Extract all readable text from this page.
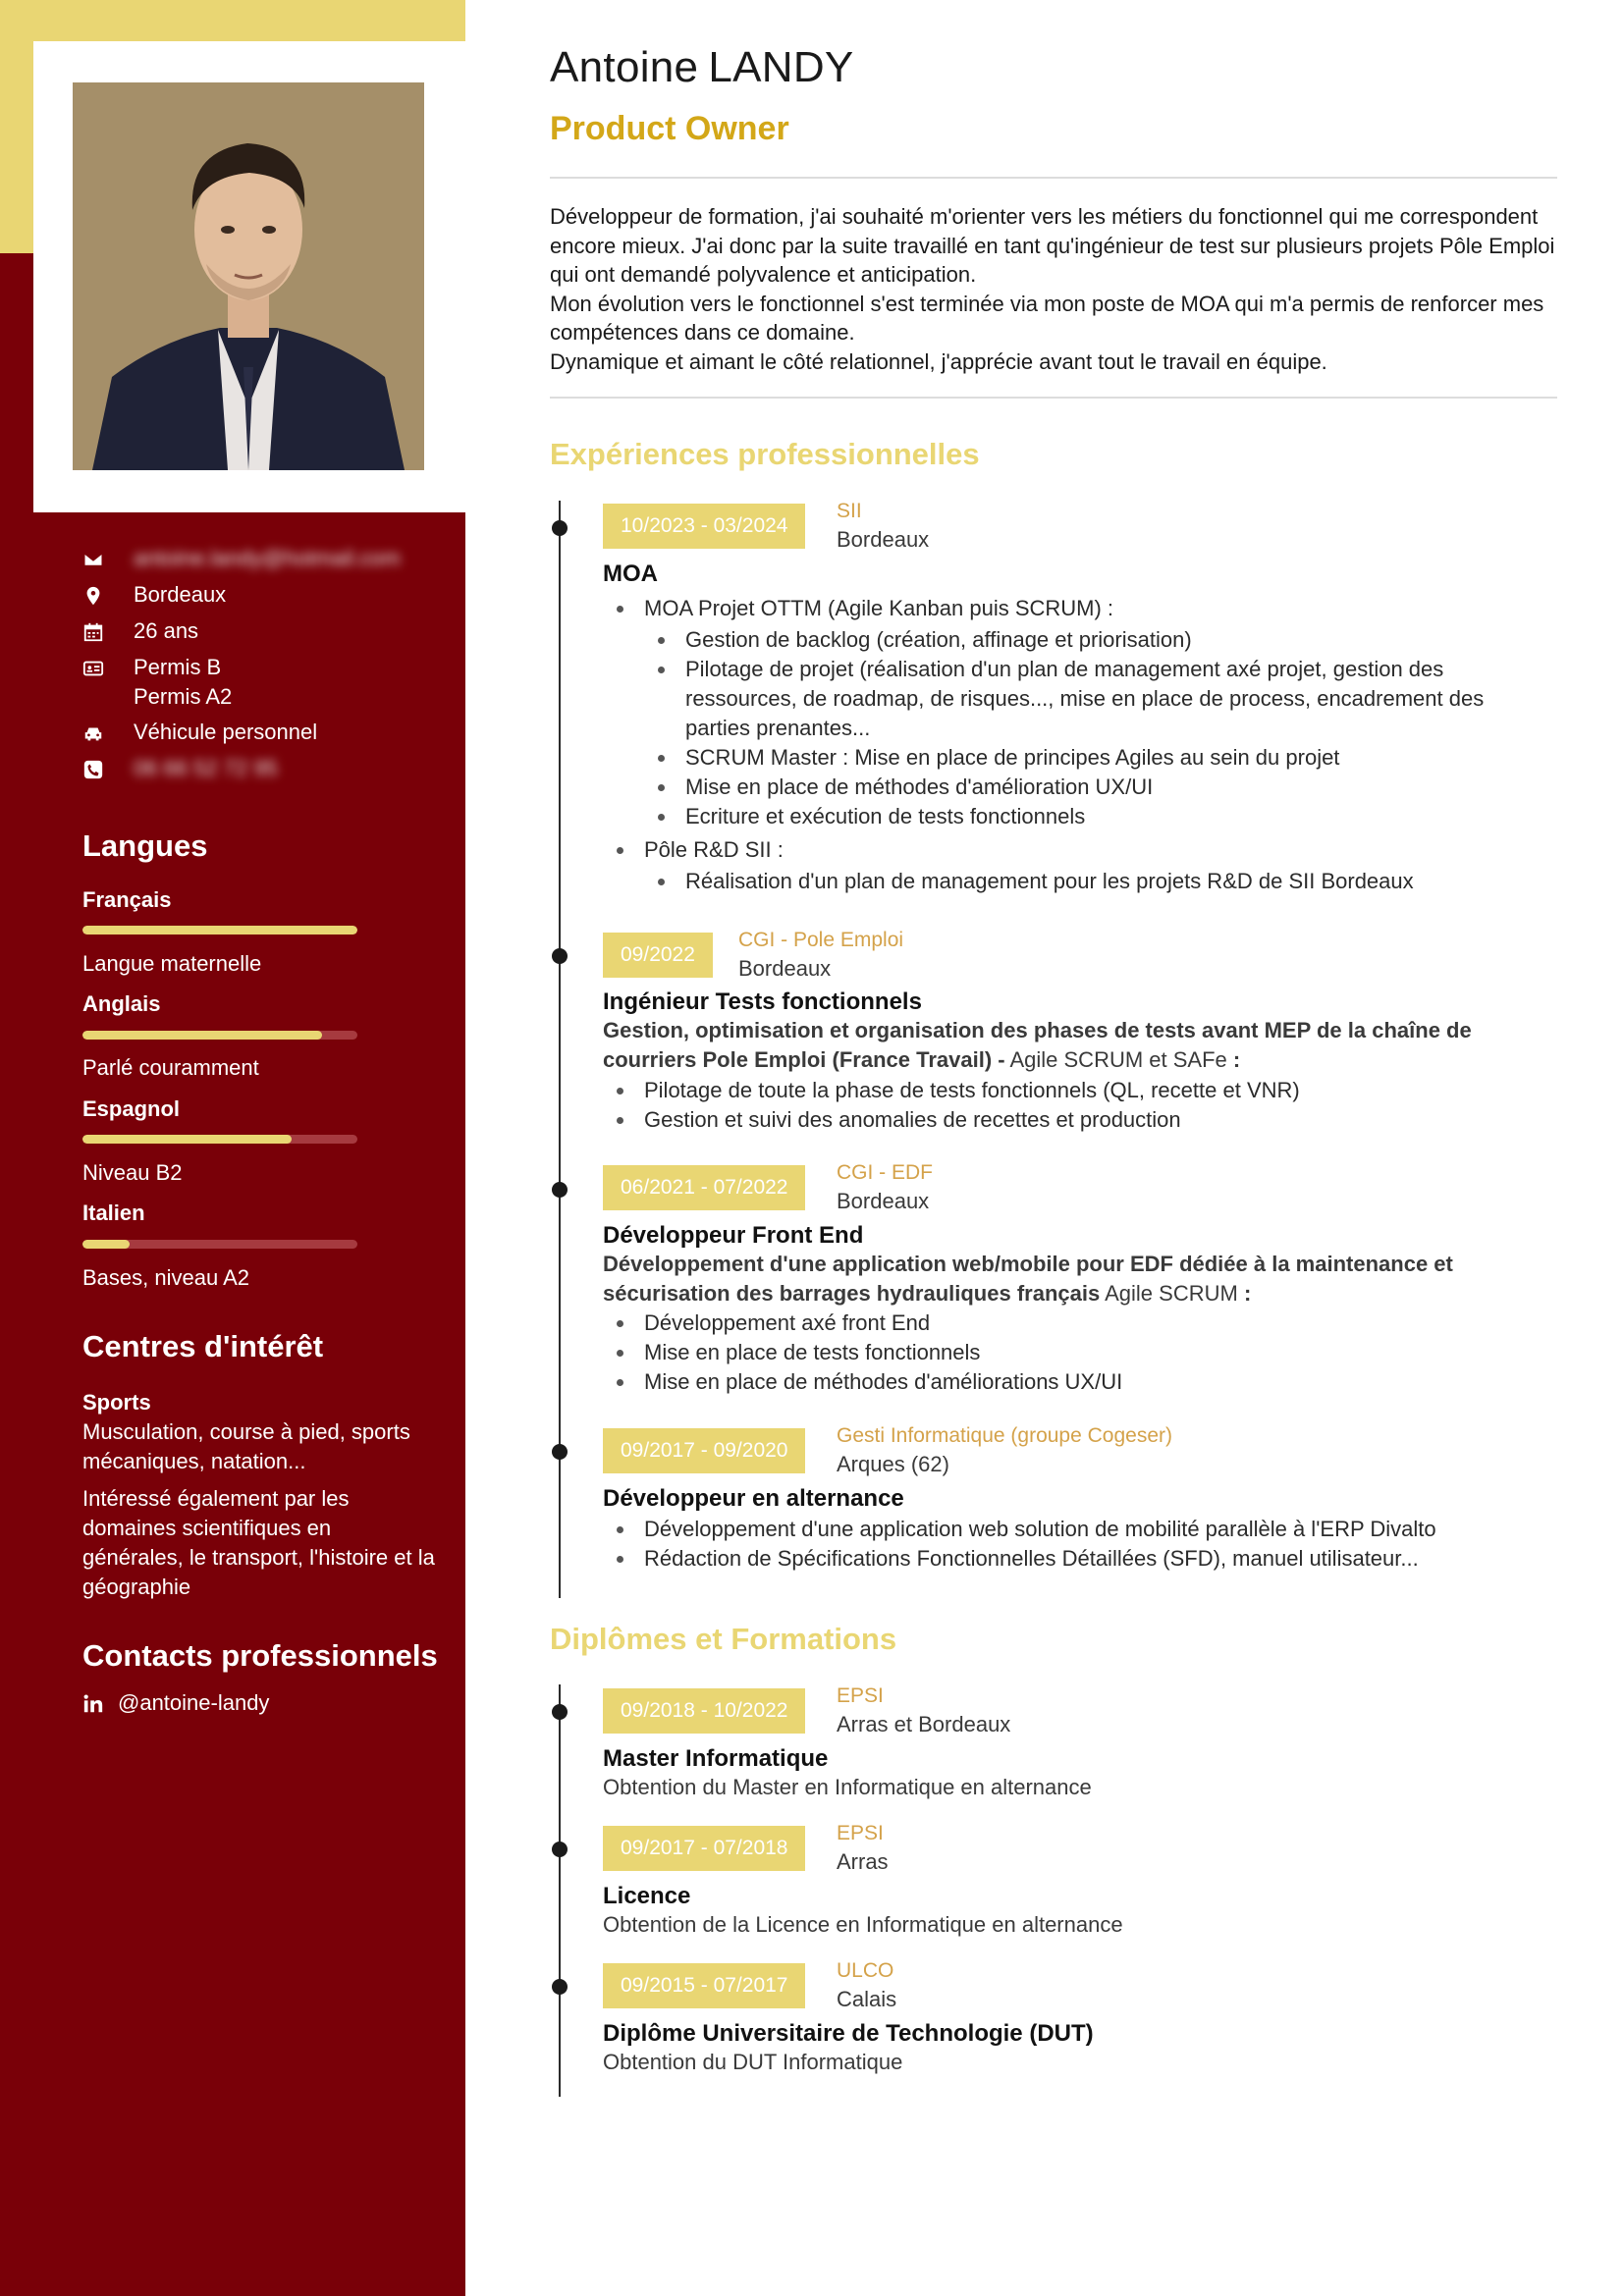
antoine.landy@hotmail.com
Bordeaux
26 ans
Permis B
Permis A2
Véhicule personnel
06 66 52 72 95
Langues
Français
Langue maternelle
Anglais
Parlé couramment
Espagnol
Niveau B2
Italien
Bases, niveau A2
Centres d'intérêt
Sports
Musculation, course à pied, sports mécaniques, natation...
Intéressé également par les domaines scientifiques en générales, le transport, l'histoire et la géographie
Contacts professionnels
@antoine-landy
Antoine LANDY
Product Owner

Développeur de formation, j'ai souhaité m'orienter vers les métiers du fonctionnel qui me correspondent encore mieux. J'ai donc par la suite travaillé en tant qu'ingénieur de test sur plusieurs projets Pôle Emploi qui ont demandé polyvalence et anticipation.

Mon évolution vers le fonctionnel s'est terminée via mon poste de MOA qui m'a permis de renforcer mes compétences dans ce domaine.

Dynamique et aimant le côté relationnel, j'apprécie avant tout le travail en équipe.

Expériences professionnelles
10/2023 - 03/2024
SII
Bordeaux
MOA
MOA Projet OTTM (Agile Kanban puis SCRUM) :
Gestion de backlog (création, affinage et priorisation)
Pilotage de projet (réalisation d'un plan de management axé projet, gestion des ressources, de roadmap, de risques..., mise en place de process, encadrement des parties prenantes...
SCRUM Master : Mise en place de principes Agiles au sein du projet
Mise en place de méthodes d'amélioration UX/UI
Ecriture et exécution de tests fonctionnels
Pôle R&D SII :
Réalisation d'un plan de management pour les projets R&D de SII Bordeaux
09/2022
CGI - Pole Emploi
Bordeaux
Ingénieur Tests fonctionnels
Gestion, optimisation et organisation des phases de tests avant MEP de la chaîne de courriers Pole Emploi (France Travail) - Agile SCRUM et SAFe :
Pilotage de toute la phase de tests fonctionnels (QL, recette et VNR)
Gestion et suivi des anomalies de recettes et production
06/2021 - 07/2022
CGI - EDF
Bordeaux
Développeur Front End
Développement d'une application web/mobile pour EDF dédiée à la maintenance et sécurisation des barrages hydrauliques français Agile SCRUM :
Développement axé front End
Mise en place de tests fonctionnels
Mise en place de méthodes d'améliorations UX/UI
09/2017 - 09/2020
Gesti Informatique (groupe Cogeser)
Arques (62)
Développeur en alternance
Développement d'une application web solution de mobilité parallèle à l'ERP Divalto
Rédaction de Spécifications Fonctionnelles Détaillées (SFD), manuel utilisateur...
Diplômes et Formations
09/2018 - 10/2022
EPSI
Arras et Bordeaux
Master Informatique
Obtention du Master en Informatique en alternance
09/2017 - 07/2018
EPSI
Arras
Licence
Obtention de la Licence en Informatique en alternance
09/2015 - 07/2017
ULCO
Calais
Diplôme Universitaire de Technologie (DUT)
Obtention du DUT Informatique
